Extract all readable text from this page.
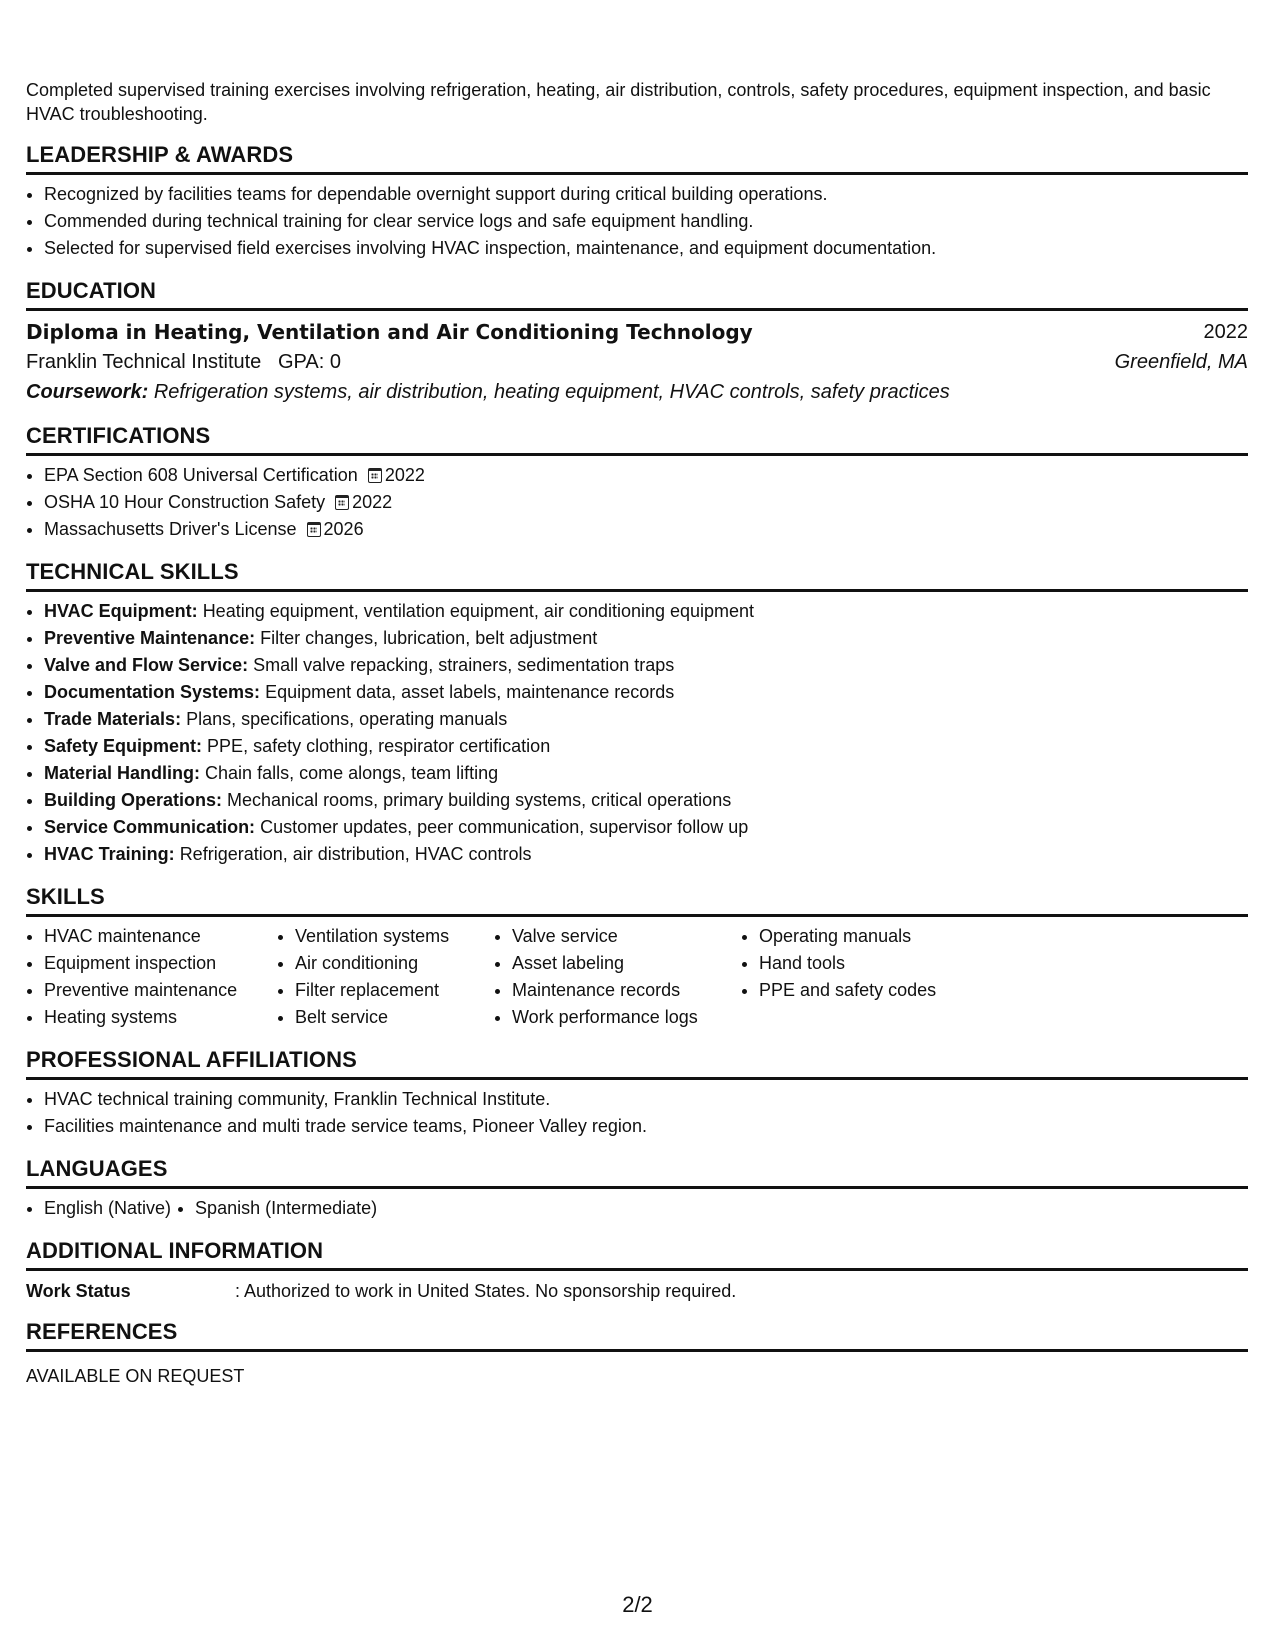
Completed supervised training exercises involving refrigeration, heating, air distribution, controls, safety procedures, equipment inspection, and basic HVAC troubleshooting.
LEADERSHIP & AWARDS
• Recognized by facilities teams for dependable overnight support during critical building operations.
• Commended during technical training for clear service logs and safe equipment handling.
• Selected for supervised field exercises involving HVAC inspection, maintenance, and equipment documentation.
EDUCATION
Diploma in Heating, Ventilation and Air Conditioning Technology	2022
Franklin Technical Institute GPA: 0	Greenfield, MA
Coursework: Refrigeration systems, air distribution, heating equipment, HVAC controls, safety practices
CERTIFICATIONS
• EPA Section 608 Universal Certification 2022
• OSHA 10 Hour Construction Safety 2022
• Massachusetts Driver's License 2026
TECHNICAL SKILLS
• HVAC Equipment: Heating equipment, ventilation equipment, air conditioning equipment
• Preventive Maintenance: Filter changes, lubrication, belt adjustment
• Valve and Flow Service: Small valve repacking, strainers, sedimentation traps
• Documentation Systems: Equipment data, asset labels, maintenance records
• Trade Materials: Plans, specifications, operating manuals
• Safety Equipment: PPE, safety clothing, respirator certification
• Material Handling: Chain falls, come alongs, team lifting
• Building Operations: Mechanical rooms, primary building systems, critical operations
• Service Communication: Customer updates, peer communication, supervisor follow up
• HVAC Training: Refrigeration, air distribution, HVAC controls
SKILLS
• HVAC maintenance
• Equipment inspection
• Preventive maintenance
• Heating systems
• Ventilation systems
• Air conditioning
• Filter replacement
• Belt service
• Valve service
• Asset labeling
• Maintenance records
• Work performance logs
• Operating manuals
• Hand tools
• PPE and safety codes
PROFESSIONAL AFFILIATIONS
• HVAC technical training community, Franklin Technical Institute.
• Facilities maintenance and multi trade service teams, Pioneer Valley region.
LANGUAGES
• English (Native)
• Spanish (Intermediate)
ADDITIONAL INFORMATION
Work Status	: Authorized to work in United States. No sponsorship required.
REFERENCES
AVAILABLE ON REQUEST
2/2
